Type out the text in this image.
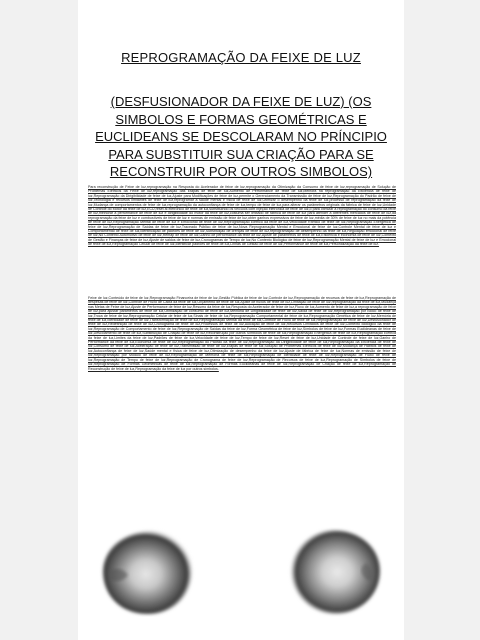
REPROGRAMAÇÃO DA FEIXE DE LUZ
(DESFUSIONADOR DA FEIXE DE LUZ) (OS SIMBOLOS E FORMAS GEOMÉTRICAS E EUCLIDEANS SE DESCOLARAM NO PRÍNCIPIO PARA SUBSTITUIR SUA CRIAÇÃO PARA SE RECONSTRUIR POR OUTROS SIMBOLOS)
Para reconstrução de Feixe de luz,reprogramação na Resposta do Acelerador de feixe de luz,reprogramação da Otimização da Consumo de feixe de luz,reprogramação de Solução de Problemas Elétricos da Feixe de luz,reprogramação das Etapas de feixe de luz,Aumento de Performance de feixe de luz,Melhora na reprogramação da Eficiência de feixe de luz,Reprogramação da Dirigibilidade de feixe de luz,Ajuste para Modificações de feixe de luz,permite o Gerenciamento da Transmissão de feixe de luz,Reprogramação do Padrão de feixe de luz,Tecnologia e recursos limitantes de feixe de luz,reprogramar a saúde mental e física de feixe de luz,Otimizar o desempenho da feixe de luz,processo de reprogramação da feixe de luz,Mudança de comportamentos de feixe de luz,reprogramação da autoconfiança de feixe de luz,tempo de feixe de luz,para alterar os parâmetros originais da fábrica de feixe de luz,Unidade de Controle do Motor da feixe de luz,ECU,reset al eletrônico de feixe de luz,substituindo os veículos com injeção eletrônica de feixe de luz,o para otimizar a reprogramação do consumo da feixe de luz,melhorar a performance de feixe de luz e dirigibilidade do motor da feixe de luz,costuma ser limitado de fábrica de feixe de luz para atender a diferentes mercados de feixe de luz,da reprogramação da feixe de luz e combustíveis de feixe de luz e normas de emissão de feixe de luz,obter ganhos expressivos de feixe de luz,média de 30% de feixe de luz no mais da potência de feixe de luz,Reprogramação Mental de feixe de luz e Emocional de feixe de luz,Reprogramação Elétrico da feixe de luz,Velocidade Rítmico de feixe de luz,Reprogramação Energética de feixe de luz,Reprogramação de Saídas de feixe de luz,Traceado Público de feixe de luz,Nova Reprogramação Mental e Emocional de feixe de luz,Controle Mental de feixe de luz e Comportamental de feixe de luz,Identificação de padrões de feixe de luz,Substituição de crenças de feixe de luz,reprogramação de desempenho da feixe de luz,Regulação emocional de feixe de luz,No Contexto Automotivo de feixe de luz,Remap de feixe de luz,Ganho de performance da feixe de luz,Ajuste de parâmetros de feixe de luz,Eficiência e economia de feixe de luz,Contexto de Gestão e Finanças de feixe de luz,Ajuste de saldos de feixe de luz,Cronogramas de Tempo de luz,No Contexto Biológico de feixe de luz,Reprogramação Mental de feixe de luz e Emocional de feixe de luz,Reprogramação Celular de feixe de luz,Identificar padrões de feixe de luz,Linhas de Gestão de feixe de luz,Performance de feixe de luz,Personalização da feixe de luz.
Feixe de luz,Conteúdo de feixe de luz,Reprogramação Financeira de feixe de luz,Gestão Pública de feixe de luz,Controle de luz,Reprogramação de recursos de feixe de luz,Reprogramação de despesas de feixe de luz,Controle de Fluxo de Caixa da feixe de luz,Orçamento de feixe de luz,Ajuste de fluxos de feixe de luz,Limitação de feixe de luz,reprogramação da feixe de luz,Mudança nas Metas de Feixe de luz,Ajuste de Performance de feixe de luz,Resumo da feixe de luz,Resposta do Acelerador de feixe de luz,Fluxo de luz,Aumento de feixe de luz,a reprogramação de feixe de luz,para ajustar parâmetros de feixe de luz,Otimização de consumo de feixe de luz,Melhoria de Dirigibilidade de feixe de luz,Saída de feixe de luz,Reprogramação por Bloco de feixe de luz,Troca de feixe de luz,Reprogramação Celular de feixe de luz,Sinais de feixe de luz,Reprogramação Comportamental de feixe de luz,Reprogramação Genética de feixe de luz,Memória de feixe de luz,Identidade de feixe de luz,Transformação de feixe de luz,Reprogramação Mental da feixe de luz,Controle de Fluxo de feixe de luz,Reprogramação de feixe de luz,Desfusionador de feixe de luz,Redefinição de feixe de luz,Cronograma de feixe de luz,Processos de feixe de luz,Alocação de feixe de luz,Recursos Limitados de feixe de luz,Contexto Biológico da feixe de luz,Reprogramação de Comportamento de feixe de luz,Reprogramação de Saídas da feixe de luz,Forma Geométrica de feixe de luz,Símbolos de feixe de luz,Formas Euclideanas de feixe de luz,Descolamento de feixe de luz,Substituição de Criação de feixe de luz,Reconstrução por outros Símbolos de feixe de luz,Reprogramação Energética de feixe de luz,Reprogramação Elétrica da feixe de luz,Limites da feixe de luz,Padrões de feixe de luz,Velocidade de feixe de luz,Tempo de feixe de luz,Reset de feixe de luz,Unidade de Controle de feixe de luz,Ganho de Performance da feixe de luz,Economia de feixe de luz,Reprogramação do Padrão da feixe de luz,Reprogramação da Dirigibilidade de feixe de luz,Reprogramação da Eficiência de feixe de luz,Consumo de feixe de luz,Aceleração de feixe de luz,Transmissão de feixe de luz,Etapas de feixe de luz,Solução de Problemas Elétricos de feixe de luz,Mudança de Hábitos de feixe de luz,Autoconfiança de feixe de luz,Saúde mental e física de feixe de luz,Otimização de desempenho da feixe de luz,Ajuste de fábrica de feixe de luz,Normas de emissão de feixe de luz,Reprogramação por Módulo de feixe de luz,Reprogramação de Memória de feixe de luz,Reprogramação de Identidade de feixe de luz,Reprogramação de Fluxo de feixe de luz,Reprogramação de Tempo de feixe de luz,Reprogramação de Cronograma de feixe de luz,Reprogramação de Recursos de feixe de luz,Reprogramação de Símbolos de feixe de luz,Reprogramação de Formas Geométricas de feixe de luz,Reprogramação de Formas Euclideanas de feixe de luz,Reprogramação de Criação de feixe de luz,Reprogramação de Reconstrução de feixe de luz,Reprogramação da feixe de luz por outros símbolos.
